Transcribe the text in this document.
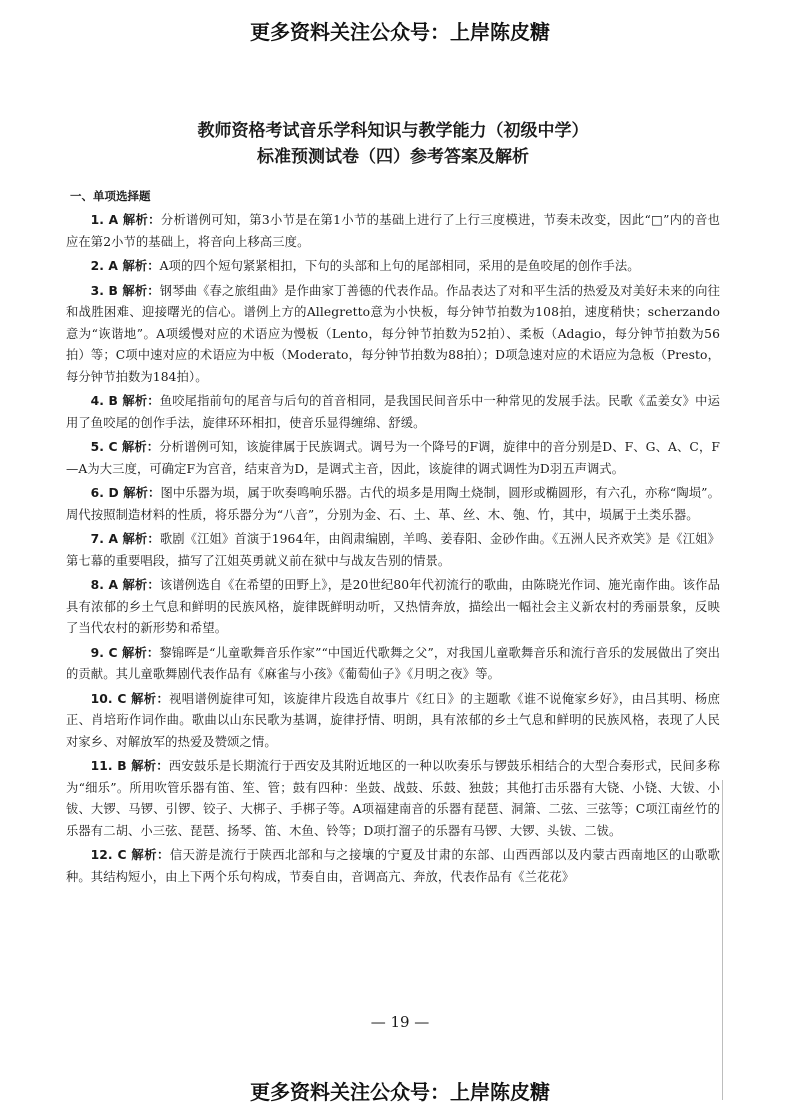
更多资料关注公众号：上岸陈皮糖

教师资格考试音乐学科知识与教学能力（初级中学）

标准预测试卷（四）参考答案及解析

一、单项选择题

1. A 解析：分析谱例可知，第3小节是在第1小节的基础上进行了上行三度模进，节奏未改变，因此“□”内的音也应在第2小节的基础上，将音向上移高三度。

2. A 解析：A项的四个短句紧紧相扣，下句的头部和上句的尾部相同，采用的是鱼咬尾的创作手法。

3. B 解析：钢琴曲《春之旅组曲》是作曲家丁善德的代表作品。作品表达了对和平生活的热爱及对美好未来的向往和战胜困难、迎接曙光的信心。谱例上方的Allegretto意为小快板，每分钟节拍数为108拍，速度稍快；scherzando意为“诙谐地”。A项缓慢对应的术语应为慢板（Lento，每分钟节拍数为52拍）、柔板（Adagio，每分钟节拍数为56拍）等；C项中速对应的术语应为中板（Moderato，每分钟节拍数为88拍）；D项急速对应的术语应为急板（Presto，每分钟节拍数为184拍）。

4. B 解析：鱼咬尾指前句的尾音与后句的首音相同，是我国民间音乐中一种常见的发展手法。民歌《孟姜女》中运用了鱼咬尾的创作手法，旋律环环相扣，使音乐显得缠绵、舒缓。

5. C 解析：分析谱例可知，该旋律属于民族调式。调号为一个降号的F调，旋律中的音分别是D、F、G、A、C，F—A为大三度，可确定F为宫音，结束音为D，是调式主音，因此，该旋律的调式调性为D羽五声调式。

6. D 解析：图中乐器为埙，属于吹奏鸣响乐器。古代的埙多是用陶土烧制，圆形或椭圆形，有六孔，亦称“陶埙”。周代按照制造材料的性质，将乐器分为“八音”，分别为金、石、土、革、丝、木、匏、竹，其中，埙属于土类乐器。

7. A 解析：歌剧《江姐》首演于1964年，由阎肃编剧，羊鸣、姜春阳、金砂作曲。《五洲人民齐欢笑》是《江姐》第七幕的重要唱段，描写了江姐英勇就义前在狱中与战友告别的情景。

8. A 解析：该谱例选自《在希望的田野上》，是20世纪80年代初流行的歌曲，由陈晓光作词、施光南作曲。该作品具有浓郁的乡土气息和鲜明的民族风格，旋律既鲜明动听，又热情奔放，描绘出一幅社会主义新农村的秀丽景象，反映了当代农村的新形势和希望。

9. C 解析：黎锦晖是“儿童歌舞音乐作家”“中国近代歌舞之父”，对我国儿童歌舞音乐和流行音乐的发展做出了突出的贡献。其儿童歌舞剧代表作品有《麻雀与小孩》《葡萄仙子》《月明之夜》等。

10. C 解析：视唱谱例旋律可知，该旋律片段选自故事片《红日》的主题歌《谁不说俺家乡好》，由吕其明、杨庶正、肖培珩作词作曲。歌曲以山东民歌为基调，旋律抒情、明朗，具有浓郁的乡土气息和鲜明的民族风格，表现了人民对家乡、对解放军的热爱及赞颂之情。

11. B 解析：西安鼓乐是长期流行于西安及其附近地区的一种以吹奏乐与锣鼓乐相结合的大型合奏形式，民间多称为“细乐”。所用吹管乐器有笛、笙、管；鼓有四种：坐鼓、战鼓、乐鼓、独鼓；其他打击乐器有大铙、小铙、大钹、小钹、大锣、马锣、引锣、铰子、大梆子、手梆子等。A项福建南音的乐器有琵琶、洞箫、二弦、三弦等；C项江南丝竹的乐器有二胡、小三弦、琵琶、扬琴、笛、木鱼、铃等；D项打溜子的乐器有马锣、大锣、头钹、二钹。

12. C 解析：信天游是流行于陕西北部和与之接壤的宁夏及甘肃的东部、山西西部以及内蒙古西南地区的山歌歌种。其结构短小，由上下两个乐句构成，节奏自由，音调高亢、奔放，代表作品有《兰花花》

— 19 —
更多资料关注公众号：上岸陈皮糖
